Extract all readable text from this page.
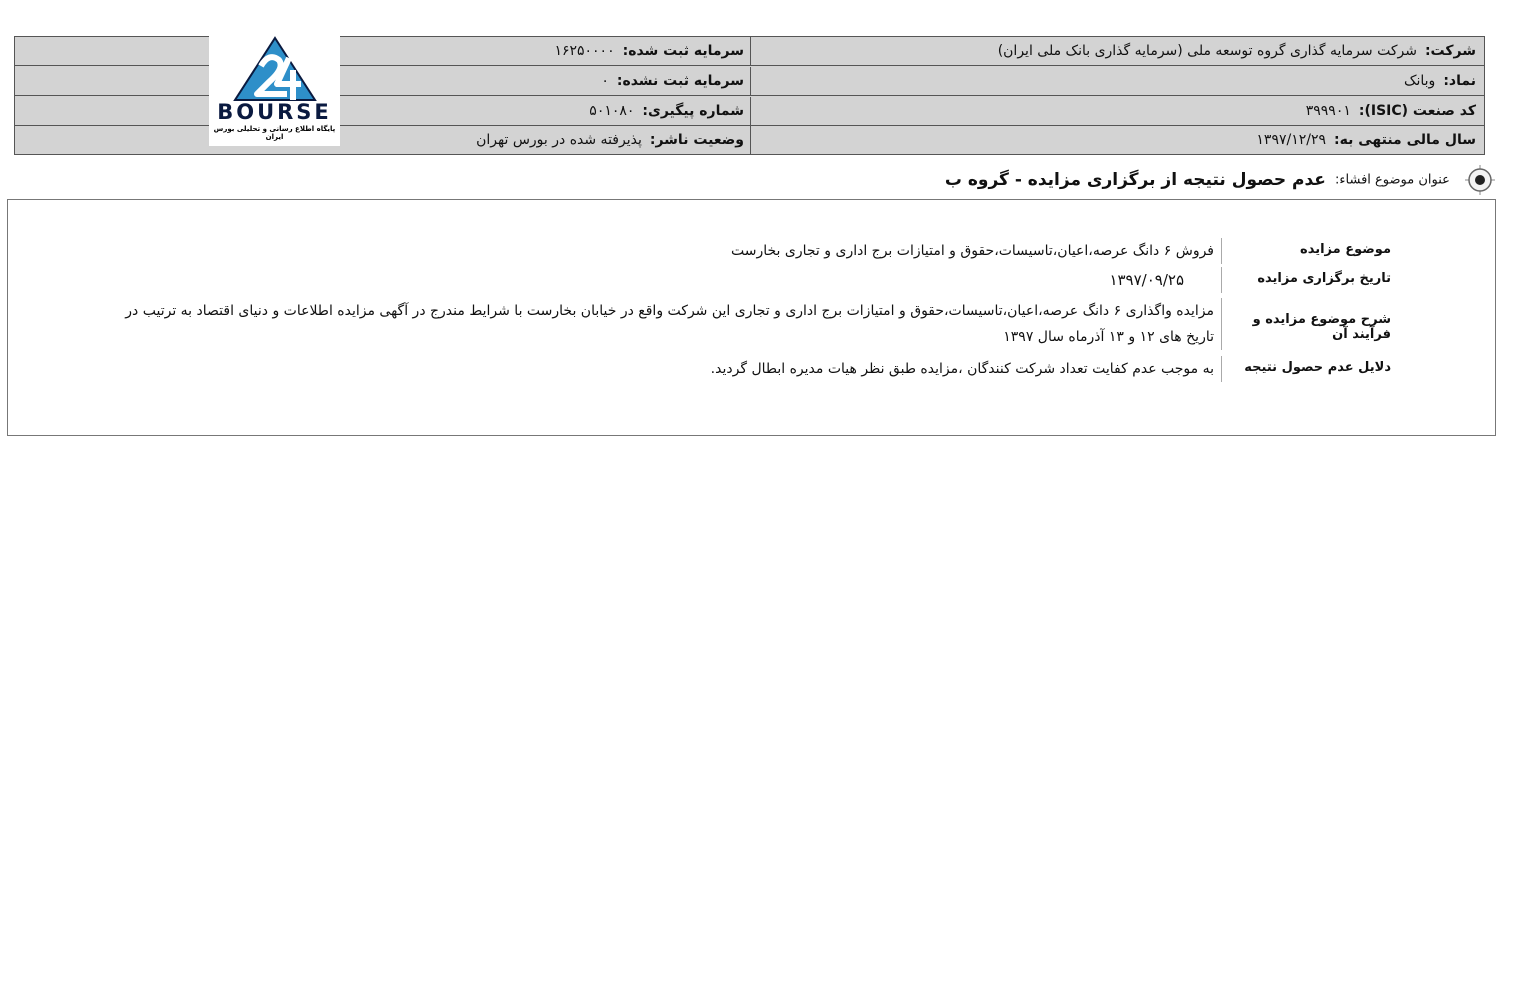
شرکت:شرکت سرمایه گذاری گروه توسعه ملی (سرمایه گذاری بانک ملی ایران)
سرمایه ثبت شده:۱۶۲۵۰۰۰۰
نماد:وبانک
سرمایه ثبت نشده:۰
کد صنعت (ISIC):۳۹۹۹۰۱
شماره پیگیری:۵۰۱۰۸۰
سال مالی منتهی به:۱۳۹۷/۱۲/۲۹
وضعیت ناشر:پذیرفته شده در بورس تهران
BOURSE
پایگاه اطلاع رسانی و تحلیلی بورس ایران
عنوان موضوع افشاء: عدم حصول نتیجه از برگزاری مزایده - گروه ب
موضوع مزایده
فروش ۶ دانگ عرصه،اعیان،تاسیسات،حقوق و امتیازات برج اداری و تجاری بخارست
تاریخ برگزاری مزایده
۱۳۹۷/۰۹/۲۵
شرح موضوع مزایده و فرآیند آن
مزایده واگذاری ۶ دانگ عرصه،اعیان،تاسیسات،حقوق و امتیازات برج اداری و تجاری این شرکت واقع در خیابان بخارست با شرایط مندرج در آگهی مزایده اطلاعات و دنیای اقتصاد به ترتیب در تاریخ های ۱۲ و ۱۳ آذرماه سال ۱۳۹۷
دلایل عدم حصول نتیجه
به موجب عدم کفایت تعداد شرکت کنندگان ،مزایده طبق نظر هیات مدیره ابطال گردید.
